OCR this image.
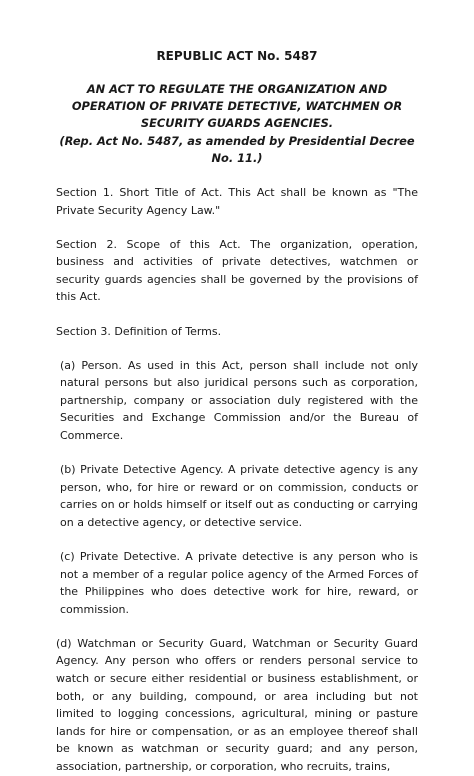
REPUBLIC ACT No. 5487
AN ACT TO REGULATE THE ORGANIZATION AND OPERATION OF PRIVATE DETECTIVE, WATCHMEN OR SECURITY GUARDS AGENCIES.
(Rep. Act No. 5487, as amended by Presidential Decree No. 11.)

Section 1. Short Title of Act. This Act shall be known as "The Private Security Agency Law."

Section 2. Scope of this Act. The organization, operation, business and activities of private detectives, watchmen or security guards agencies shall be governed by the provisions of this Act.

Section 3. Definition of Terms.

(a) Person. As used in this Act, person shall include not only natural persons but also juridical persons such as corporation, partnership, company or association duly registered with the Securities and Exchange Commission and/or the Bureau of Commerce.

(b) Private Detective Agency. A private detective agency is any person, who, for hire or reward or on commission, conducts or carries on or holds himself or itself out as conducting or carrying on a detective agency, or detective service.

(c) Private Detective. A private detective is any person who is not a member of a regular police agency of the Armed Forces of the Philippines who does detective work for hire, reward, or commission.

(d) Watchman or Security Guard, Watchman or Security Guard Agency. Any person who offers or renders personal service to watch or secure either residential or business establishment, or both, or any building, compound, or area including but not limited to logging concessions, agricultural, mining or pasture lands for hire or compensation, or as an employee thereof shall be known as watchman or security guard; and any person, association, partnership, or corporation, who recruits, trains,
